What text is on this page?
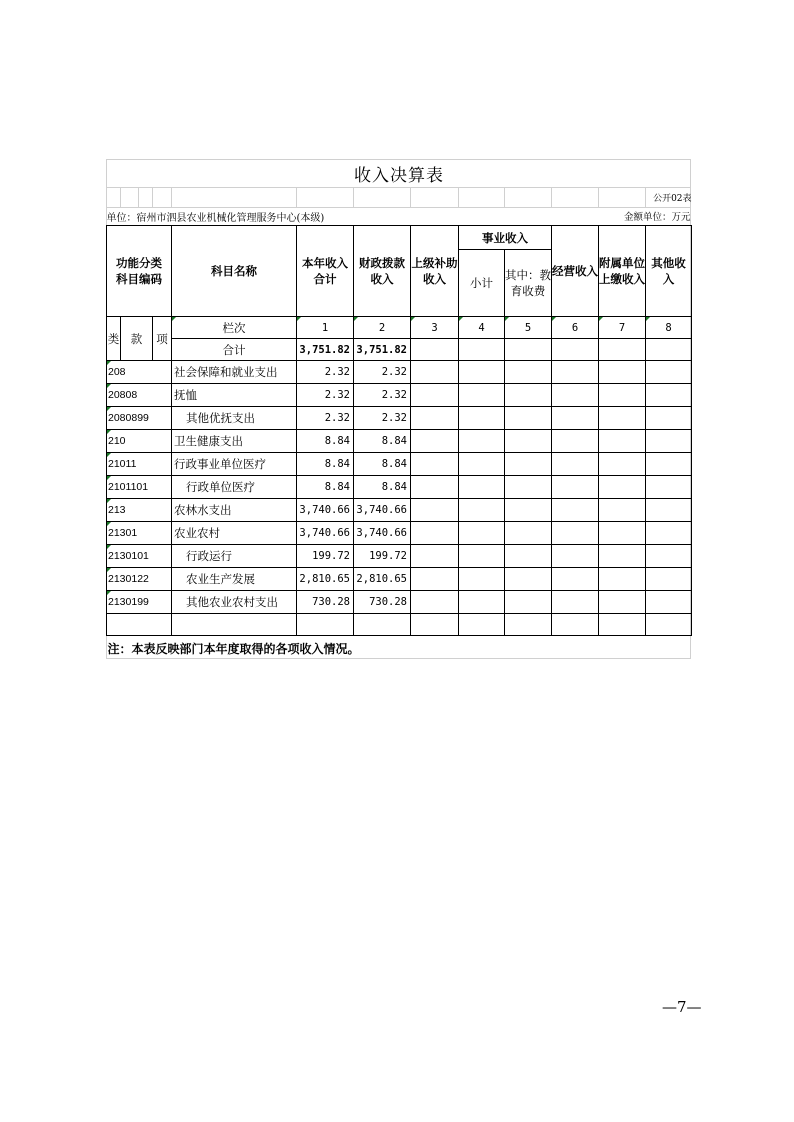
收入决算表											
公开02表											
单位：宿州市泗县农业机械化管理服务中心(本级)									金额单位：万元		
功能分类科目编码			科目名称	本年收入合计	财政拨款收入	上级补助收入	事业收入		经营收入	附属单位上缴收入	其他收入
							小计	其中：教育收费			

类	款	项	栏次	1	2	3	4	5	6	7	8
			合计	3,751.82	3,751.82						
208			社会保障和就业支出	2.32	2.32						
20808			抚恤	2.32	2.32						
2080899			其他优抚支出	2.32	2.32						
210			卫生健康支出	8.84	8.84						
21011			行政事业单位医疗	8.84	8.84						
2101101			行政单位医疗	8.84	8.84						
213			农林水支出	3,740.66	3,740.66						
21301			农业农村	3,740.66	3,740.66						
2130101			行政运行	199.72	199.72						
2130122			农业生产发展	2,810.65	2,810.65						
2130199			其他农业农村支出	730.28	730.28						

注：本表反映部门本年度取得的各项收入情况。											
—7—
